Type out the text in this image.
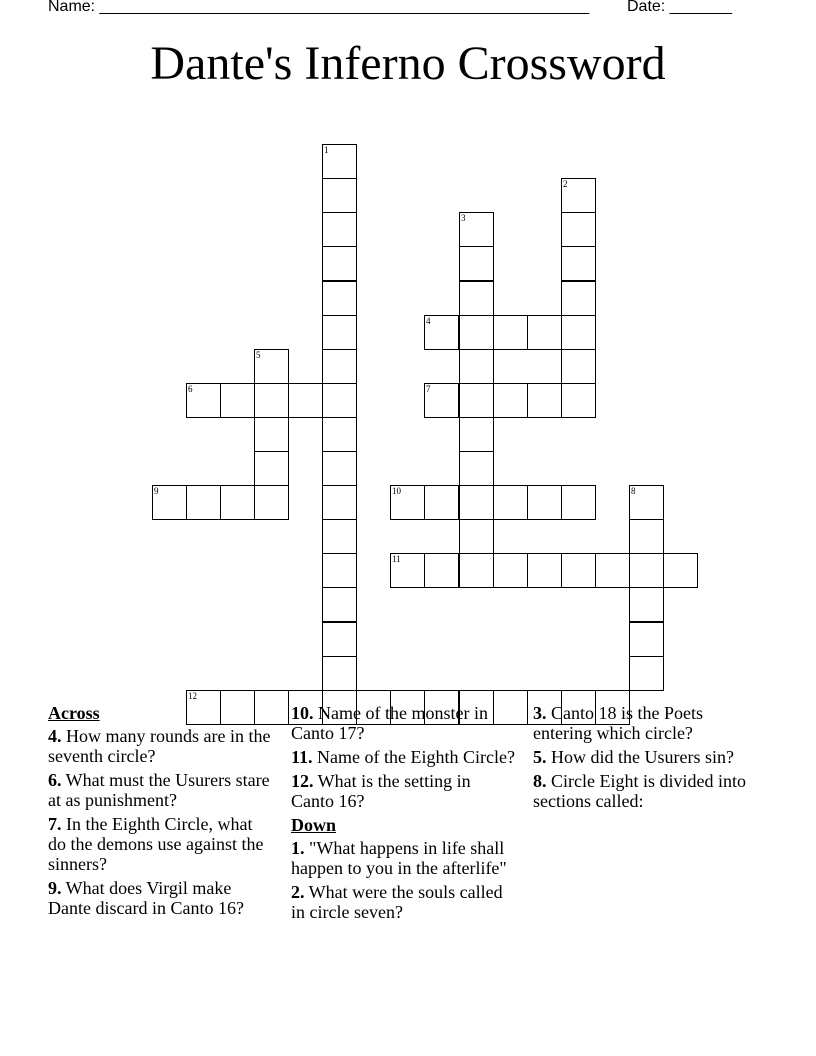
Name: _______________________________________________________ Date: _______
Dante's Inferno Crossword
1
2
3
4
5
6	7
8
9	10
11
12
Across
4. How many rounds are in the seventh circle?
6. What must the Usurers stare at as punishment?
7. In the Eighth Circle, what do the demons use against the sinners?
9. What does Virgil make Dante discard in Canto 16?
10. Name of the monster in Canto 17?
11. Name of the Eighth Circle?
12. What is the setting in Canto 16?
Down
1. "What happens in life shall happen to you in the afterlife"
2. What were the souls called in circle seven?
3. Canto 18 is the Poets entering which circle?
5. How did the Usurers sin?
8. Circle Eight is divided into sections called:
